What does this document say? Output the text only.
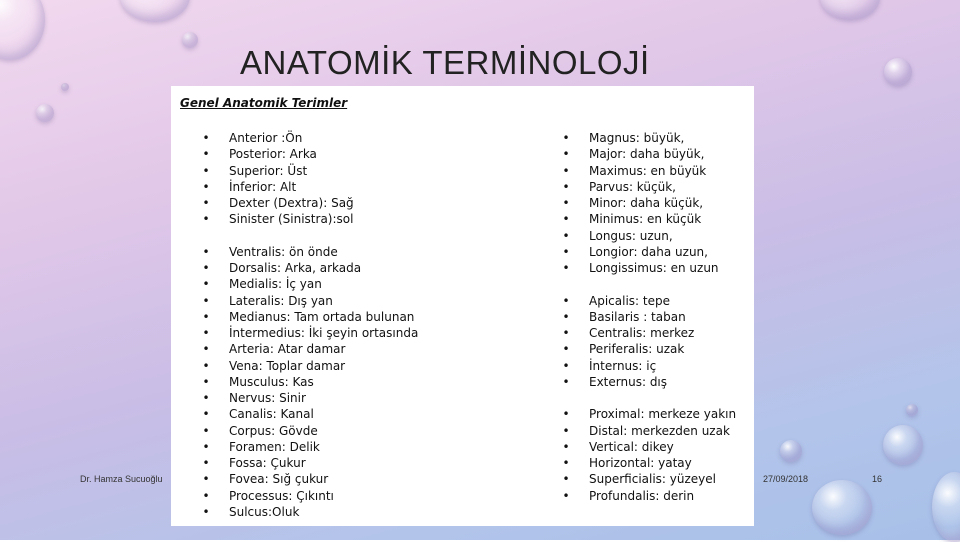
ANATOMİK TERMİNOLOJİ
Genel Anatomik Terimler
• Anterior :Ön
• Posterior: Arka
• Superior: Üst
• İnferior: Alt
• Dexter (Dextra): Sağ
• Sinister (Sinistra):sol
• Ventralis: ön önde
• Dorsalis: Arka, arkada
• Medialis: İç yan
• Lateralis: Dış yan
• Medianus: Tam ortada bulunan
• İntermedius: İki şeyin ortasında
• Arteria: Atar damar
• Vena: Toplar damar
• Musculus: Kas
• Nervus: Sinir
• Canalis: Kanal
• Corpus: Gövde
• Foramen: Delik
• Fossa: Çukur
• Fovea: Sığ çukur
• Processus: Çıkıntı
• Sulcus:Oluk
• Magnus: büyük,
• Major: daha büyük,
• Maximus: en büyük
• Parvus: küçük,
• Minor: daha küçük,
• Minimus: en küçük
• Longus: uzun,
• Longior: daha uzun,
• Longissimus: en uzun
• Apicalis: tepe
• Basilaris : taban
• Centralis: merkez
• Periferalis: uzak
• İnternus: iç
• Externus: dış
• Proximal: merkeze yakın
• Distal: merkezden uzak
• Vertical: dikey
• Horizontal: yatay
• Superficialis: yüzeyel
• Profundalis: derin
Dr. Hamza Sucuoğlu	27/09/2018	16
